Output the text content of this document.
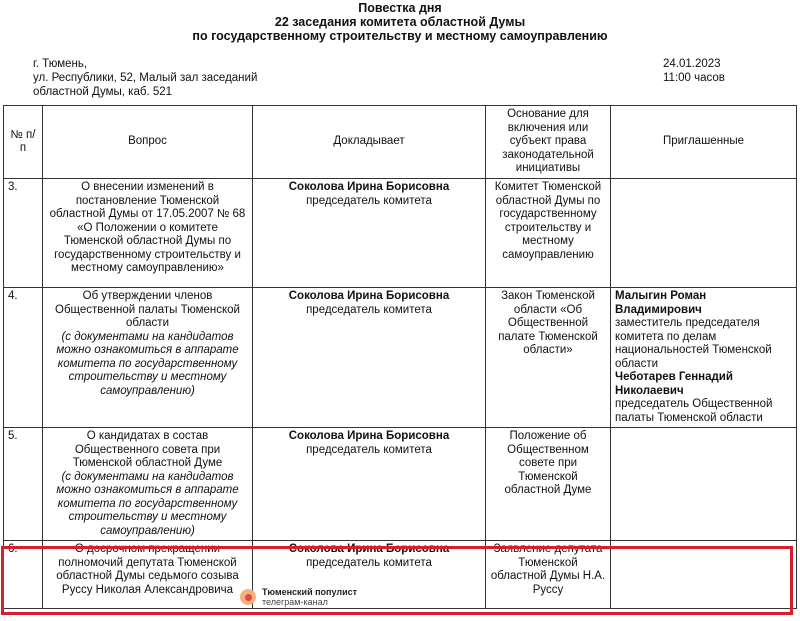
Повестка дня
22 заседания комитета областной Думы
по государственному строительству и местному самоуправлению
г. Тюмень,
ул. Республики, 52, Малый зал заседаний
областной Думы, каб. 521
24.01.2023
11:00 часов
№ п/п	Вопрос	Докладывает	Основание для включения или субъект права законодательной инициативы	Приглашенные
3.	О внесении изменений в постановление Тюменской областной Думы от 17.05.2007 № 68 «О Положении о комитете Тюменской областной Думы по государственному строительству и местному самоуправлению»	Соколова Ирина Борисовна
председатель комитета	Комитет Тюменской областной Думы по государственному строительству и местному самоуправлению	
4.	Об утверждении членов Общественной палаты Тюменской области
(с документами на кандидатов можно ознакомиться в аппарате комитета по государственному строительству и местному самоуправлению)	Соколова Ирина Борисовна
председатель комитета	Закон Тюменской области «Об Общественной палате Тюменской области»	Малыгин Роман Владимирович
заместитель председателя комитета по делам национальностей Тюменской области
Чеботарев Геннадий Николаевич
председатель Общественной палаты Тюменской области

5.	О кандидатах в состав Общественного совета при Тюменской областной Думе
(с документами на кандидатов можно ознакомиться в аппарате комитета по государственному строительству и местному самоуправлению)	Соколова Ирина Борисовна
председатель комитета	Положение об Общественном совете при Тюменской областной Думе	
6.	О досрочном прекращении полномочий депутата Тюменской областной Думы седьмого созыва Руссу Николая Александровича	Соколова Ирина Борисовна
председатель комитета	Заявление депутата Тюменской областной Думы Н.А. Руссу	
Тюменский популист
телеграм-канал
